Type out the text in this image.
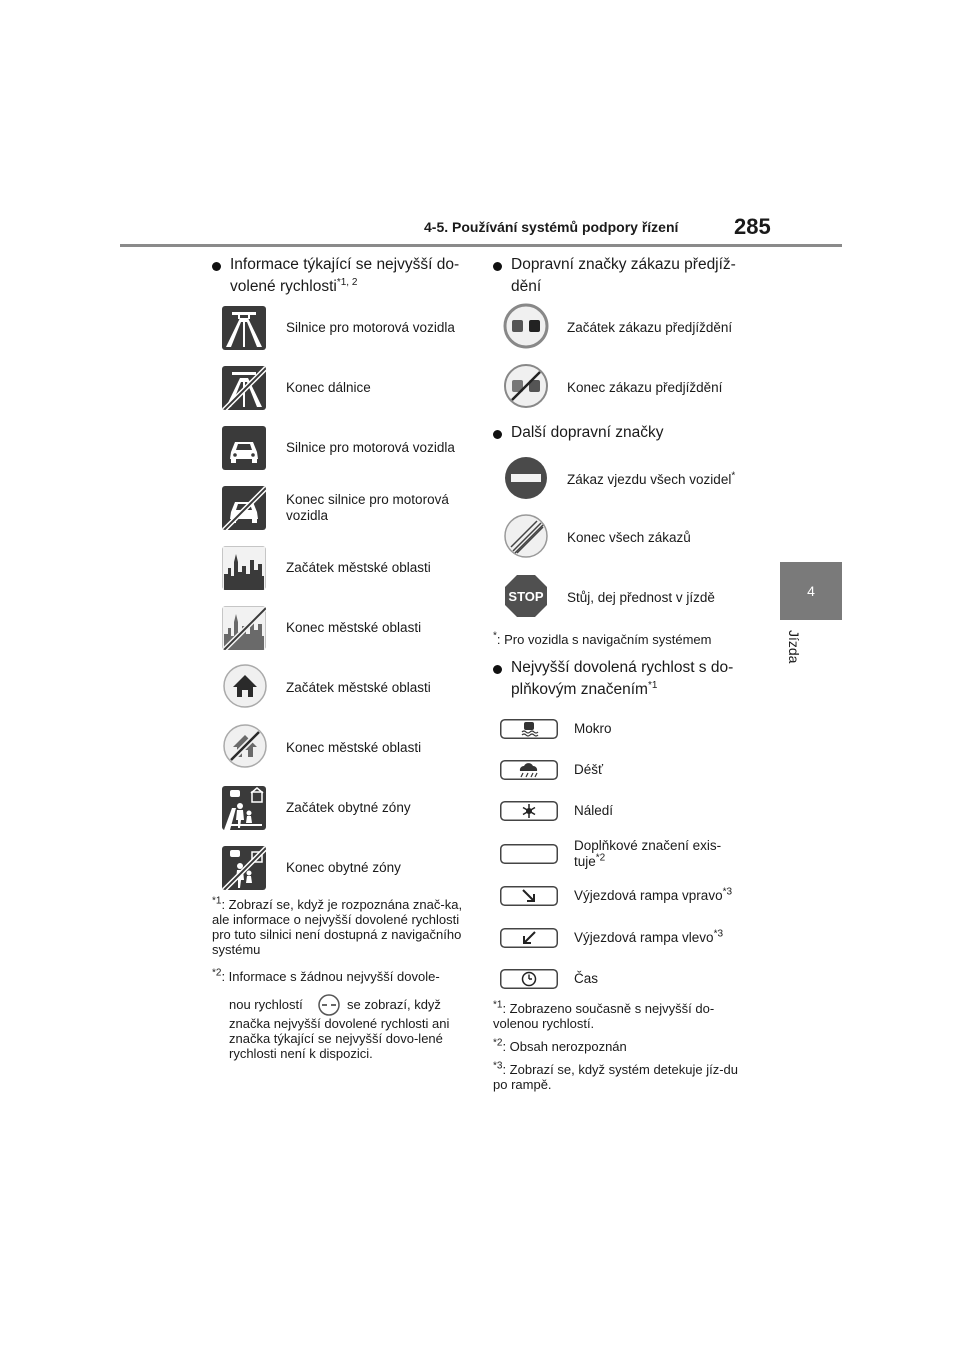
4-5. Používání systémů podpory řízení	285
4
Jízda
Informace týkající se nejvyšší do-
volené rychlosti$^{*1, 2}$
Silnice pro motorová vozidla
Konec dálnice
Silnice pro motorová vozidla
Konec silnice pro motorová vozidla
Začátek městské oblasti
Konec městské oblasti
Začátek městské oblasti
Konec městské oblasti
Začátek obytné zóny
Konec obytné zóny
$^{*1}$: Zobrazí se, když je rozpoznána znač-ka, ale informace o nejvyšší dovolené rychlosti pro tuto silnici není dostupná z navigačního systému
$^{*2}$: Informace s žádnou nejvyšší dovole-
nou rychlostí	se zobrazí, když
značka nejvyšší dovolené rychlosti ani značka týkající se nejvyšší dovo-lené rychlosti není k dispozici.
Dopravní značky zákazu předjíž-
dění
Začátek zákazu předjíždění
Konec zákazu předjíždění
Další dopravní značky
Zákaz vjezdu všech vozidel*
Konec všech zákazů
STOP Stůj, dej přednost v jízdě
*: Pro vozidla s navigačním systémem
Nejvyšší dovolená rychlost s do-
plňkovým značením$^{*1}$
Mokro
Déšť
Náledí
Doplňkové značení exis-tuje$^{*2}$
Výjezdová rampa vpravo$^{*3}$
Výjezdová rampa vlevo$^{*3}$
Čas
$^{*1}$: Zobrazeno současně s nejvyšší do-volenou rychlostí.
$^{*2}$: Obsah nerozpoznán
$^{*3}$: Zobrazí se, když systém detekuje jíz-du po rampě.
